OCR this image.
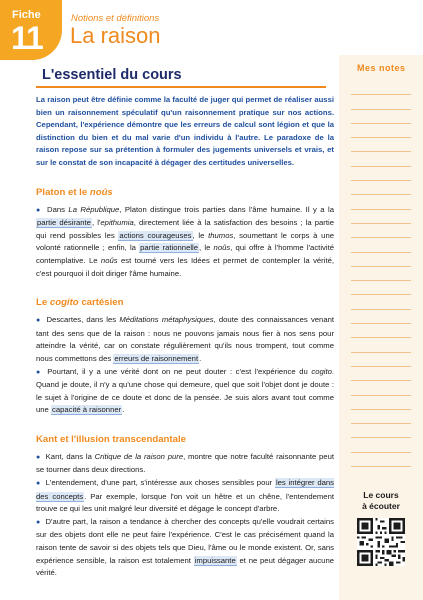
Fiche
11
Notions et définitions
La raison
Mes notes
Le cours
à écouter
L'essentiel du cours

La raison peut être définie comme la faculté de juger qui permet de réaliser aussi bien un raisonnement spéculatif qu'un raisonnement pratique sur nos actions. Cependant, l'expérience démontre que les erreurs de calcul sont légion et que la distinction du bien et du mal varie d'un individu à l'autre. Le paradoxe de la raison repose sur sa prétention à formuler des jugements universels et vrais, et sur le constat de son incapacité à dégager des certitudes universelles.

Platon et le noûs

● Dans La République, Platon distingue trois parties dans l'âme humaine. Il y a la partie désirante, l'epithumia, directement liée à la satisfaction des besoins ; la partie qui rend possibles les actions courageuses, le thumos, soumettant le corps à une volonté rationnelle ; enfin, la partie rationnelle, le noûs, qui offre à l'homme l'activité contemplative. Le noûs est tourné vers les Idées et permet de contempler la vérité, c'est pourquoi il doit diriger l'âme humaine.

Le cogito cartésien

● Descartes, dans les Méditations métaphysiques, doute des connaissances venant tant des sens que de la raison : nous ne pouvons jamais nous fier à nos sens pour atteindre la vérité, car on constate régulièrement qu'ils nous trompent, tout comme nous commettons des erreurs de raisonnement.

● Pourtant, il y a une vérité dont on ne peut douter : c'est l'expérience du cogito. Quand je doute, il n'y a qu'une chose qui demeure, quel que soit l'objet dont je doute : le sujet à l'origine de ce doute et donc de la pensée. Je suis alors avant tout comme une capacité à raisonner.

Kant et l'illusion transcendantale

● Kant, dans la Critique de la raison pure, montre que notre faculté raisonnante peut se tourner dans deux directions.

● L'entendement, d'une part, s'intéresse aux choses sensibles pour les intégrer dans des concepts. Par exemple, lorsque l'on voit un hêtre et un chêne, l'entendement trouve ce qui les unit malgré leur diversité et dégage le concept d'arbre.

● D'autre part, la raison a tendance à chercher des concepts qu'elle voudrait certains sur des objets dont elle ne peut faire l'expérience. C'est le cas précisément quand la raison tente de savoir si des objets tels que Dieu, l'âme ou le monde existent. Or, sans expérience sensible, la raison est totalement impuissante et ne peut dégager aucune vérité.
